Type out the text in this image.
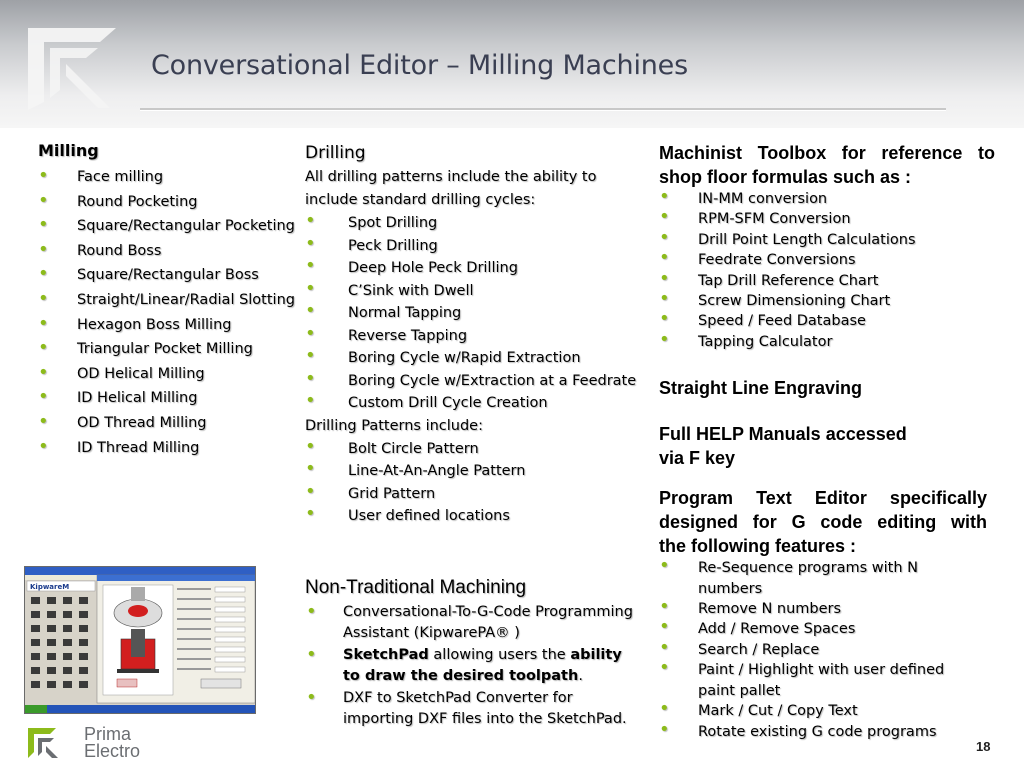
Conversational Editor – Milling Machines
Milling
• Face milling
• Round Pocketing
• Square/Rectangular Pocketing
• Round Boss
• Square/Rectangular Boss
• Straight/Linear/Radial Slotting
• Hexagon Boss Milling
• Triangular Pocket Milling
• OD Helical Milling
• ID Helical Milling
• OD Thread Milling
• ID Thread Milling
Drilling
All drilling patterns include the ability to
include standard drilling cycles:
• Spot Drilling
• Peck Drilling
• Deep Hole Peck Drilling
• C’Sink with Dwell
• Normal Tapping
• Reverse Tapping
• Boring Cycle w/Rapid Extraction
• Boring Cycle w/Extraction at a Feedrate
• Custom Drill Cycle Creation
Drilling Patterns include:
• Bolt Circle Pattern
• Line-At-An-Angle Pattern
• Grid Pattern
• User defined locations
KipwareM	Non-Traditional Machining
• Conversational-To-G-Code Programming Assistant (KipwarePA® )
• SketchPad allowing users the ability to draw the desired toolpath.
• DXF to SketchPad Converter for importing DXF files into the SketchPad.
Machinist Toolbox for reference to
shop floor formulas such as :
• IN-MM conversion
• RPM-SFM Conversion
• Drill Point Length Calculations
• Feedrate Conversions
• Tap Drill Reference Chart
• Screw Dimensioning Chart
• Speed / Feed Database
• Tapping Calculator
Straight Line Engraving
Full HELP Manuals accessed
via F key
Program Text Editor specifically
designed for G code editing with
the following features :
• Re-Sequence programs with N numbers
• Remove N numbers
• Add / Remove Spaces
• Search / Replace
• Paint / Highlight with user defined paint pallet
• Mark / Cut / Copy Text
• Rotate existing G code programs
Prima
Electro	18
